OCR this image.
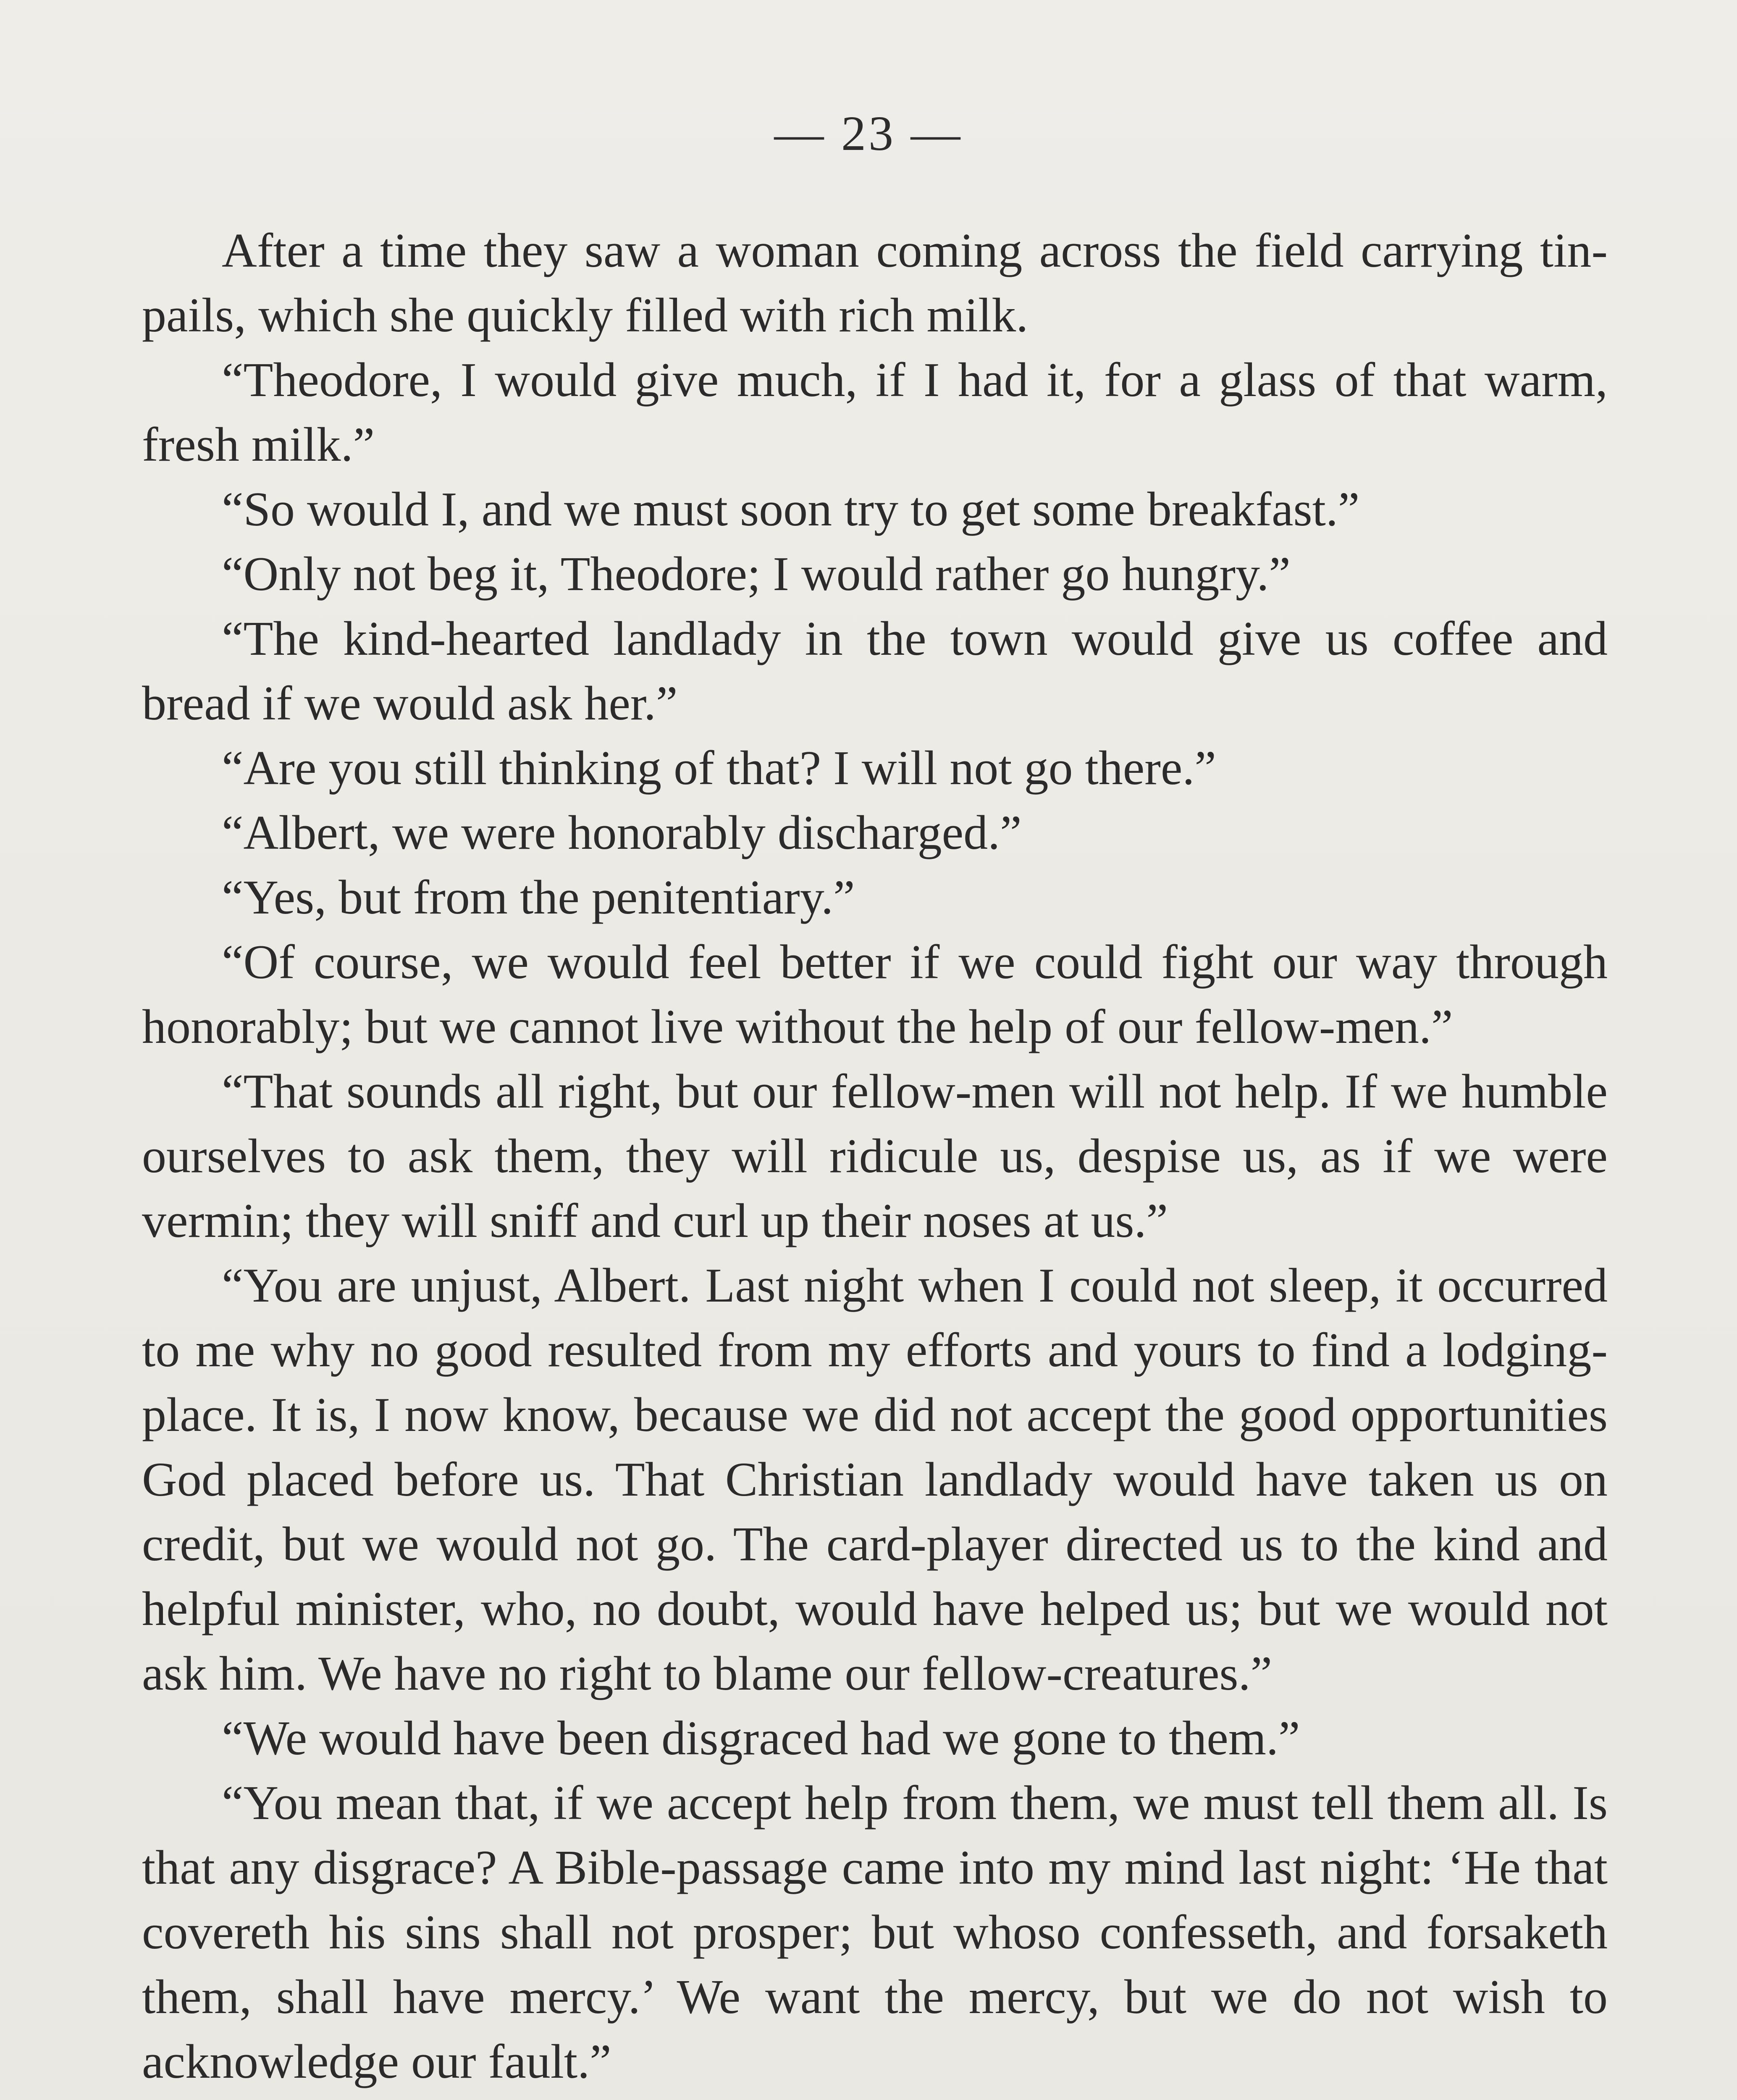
— 23 —

After a time they saw a woman coming across the field carrying tin-pails, which she quickly filled with rich milk.

“Theodore, I would give much, if I had it, for a glass of that warm, fresh milk.”

“So would I, and we must soon try to get some breakfast.”

“Only not beg it, Theodore; I would rather go hungry.”

“The kind-hearted landlady in the town would give us coffee and bread if we would ask her.”

“Are you still thinking of that? I will not go there.”

“Albert, we were honorably discharged.”

“Yes, but from the penitentiary.”

“Of course, we would feel better if we could fight our way through honorably; but we cannot live without the help of our fellow-men.”

“That sounds all right, but our fellow-men will not help. If we humble ourselves to ask them, they will ridicule us, despise us, as if we were vermin; they will sniff and curl up their noses at us.”

“You are unjust, Albert. Last night when I could not sleep, it occurred to me why no good resulted from my efforts and yours to find a lodging-place. It is, I now know, because we did not accept the good opportunities God placed before us. That Christian landlady would have taken us on credit, but we would not go. The card-player directed us to the kind and helpful minister, who, no doubt, would have helped us; but we would not ask him. We have no right to blame our fellow-creatures.”

“We would have been disgraced had we gone to them.”

“You mean that, if we accept help from them, we must tell them all. Is that any disgrace? A Bible-passage came into my mind last night: ‘He that covereth his sins shall not prosper; but whoso confesseth, and forsaketh them, shall have mercy.’ We want the mercy, but we do not wish to acknowledge our fault.”
